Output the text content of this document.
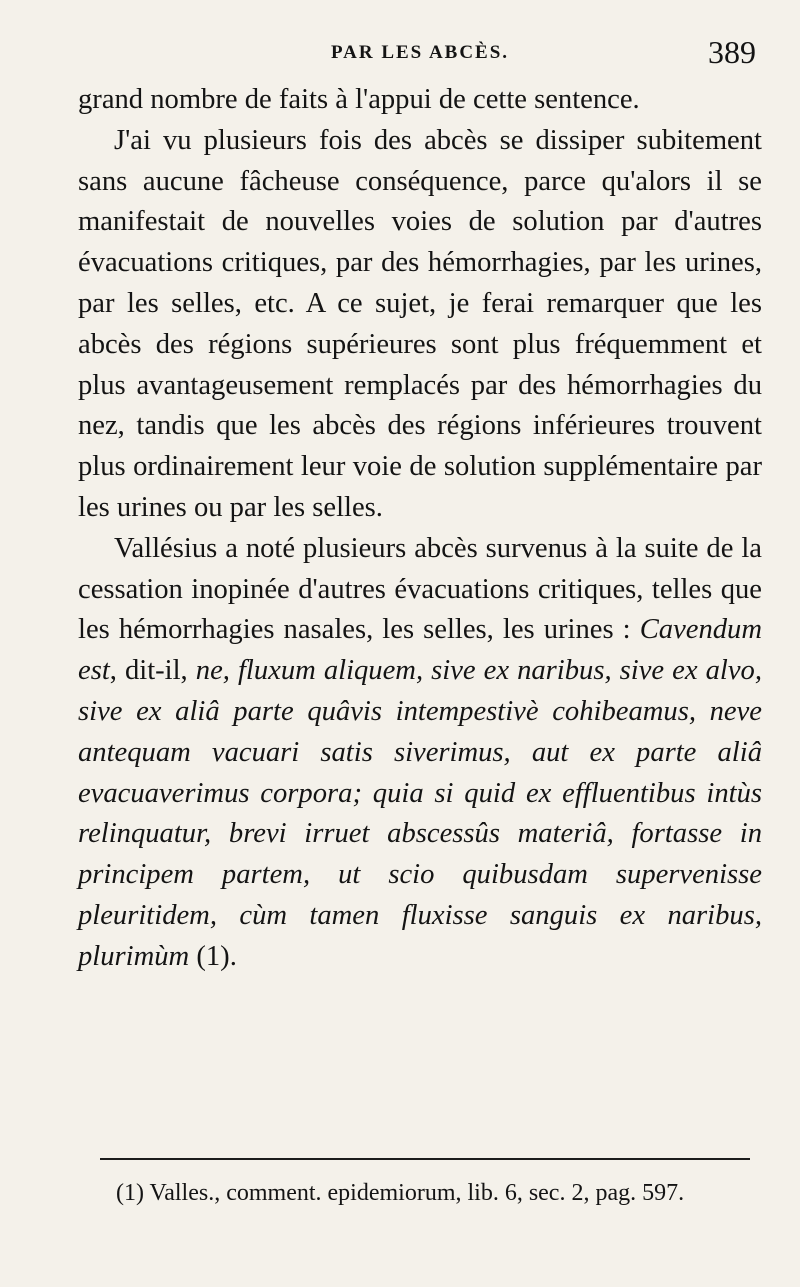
PAR LES ABCÈS.	389

grand nombre de faits à l'appui de cette sentence.

J'ai vu plusieurs fois des abcès se dissiper subitement sans aucune fâcheuse conséquence, parce qu'alors il se manifestait de nouvelles voies de solution par d'autres évacuations critiques, par des hémorrhagies, par les urines, par les selles, etc. A ce sujet, je ferai remarquer que les abcès des régions supérieures sont plus fréquemment et plus avantageusement remplacés par des hémorrhagies du nez, tandis que les abcès des régions inférieures trouvent plus ordinairement leur voie de solution supplémentaire par les urines ou par les selles.

Vallésius a noté plusieurs abcès survenus à la suite de la cessation inopinée d'autres évacuations critiques, telles que les hémorrhagies nasales, les selles, les urines : Cavendum est, dit-il, ne, fluxum aliquem, sive ex naribus, sive ex alvo, sive ex aliâ parte quâvis intempestivè cohibeamus, neve antequam vacuari satis siverimus, aut ex parte aliâ evacuaverimus corpora; quia si quid ex effluentibus intùs relinquatur, brevi irruet abscessûs materiâ, fortasse in principem partem, ut scio quibusdam supervenisse pleuritidem, cùm tamen fluxisse sanguis ex naribus, plurimùm (1).

(1) Valles., comment. epidemiorum, lib. 6, sec. 2, pag. 597.
